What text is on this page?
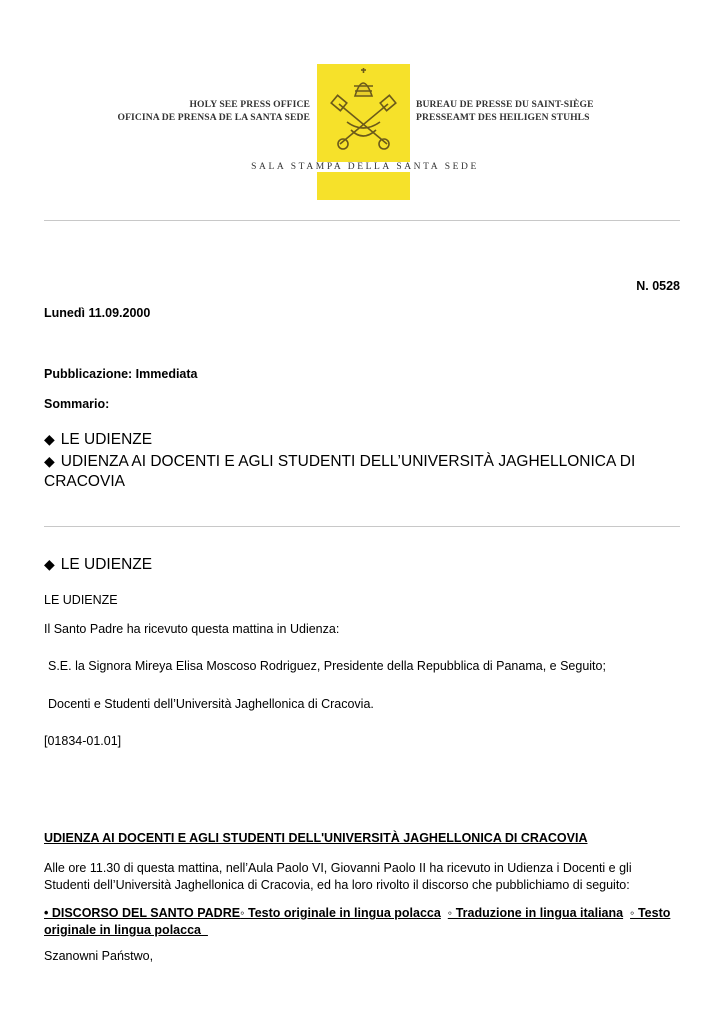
HOLY SEE PRESS OFFICE
OFICINA DE PRENSA DE LA SANTA SEDE
BUREAU DE PRESSE DU SAINT-SIÈGE
PRESSEAMT DES HEILIGEN STUHLS
SALA STAMPA DELLA SANTA SEDE
N. 0528
Lunedì 11.09.2000
Pubblicazione: Immediata
Sommario:
◆ LE UDIENZE
◆ UDIENZA AI DOCENTI E AGLI STUDENTI DELL’UNIVERSITÀ JAGHELLONICA DI
CRACOVIA
◆ LE UDIENZE
LE UDIENZE
Il Santo Padre ha ricevuto questa mattina in Udienza:
S.E. la Signora Mireya Elisa Moscoso Rodriguez, Presidente della Repubblica di Panama, e Seguito;
Docenti e Studenti dell’Università Jaghellonica di Cracovia.
[01834-01.01]
UDIENZA AI DOCENTI E AGLI STUDENTI DELL'UNIVERSITÀ JAGHELLONICA DI CRACOVIA
Alle ore 11.30 di questa mattina, nell’Aula Paolo VI, Giovanni Paolo II ha ricevuto in Udienza i Docenti e gli
Studenti dell’Università Jaghellonica di Cracovia, ed ha loro rivolto il discorso che pubblichiamo di seguito:
• DISCORSO DEL SANTO PADRE◦ Testo originale in lingua polacca ◦ Traduzione in lingua italiana ◦ Testo
originale in lingua polacca
Szanowni Państwo,
